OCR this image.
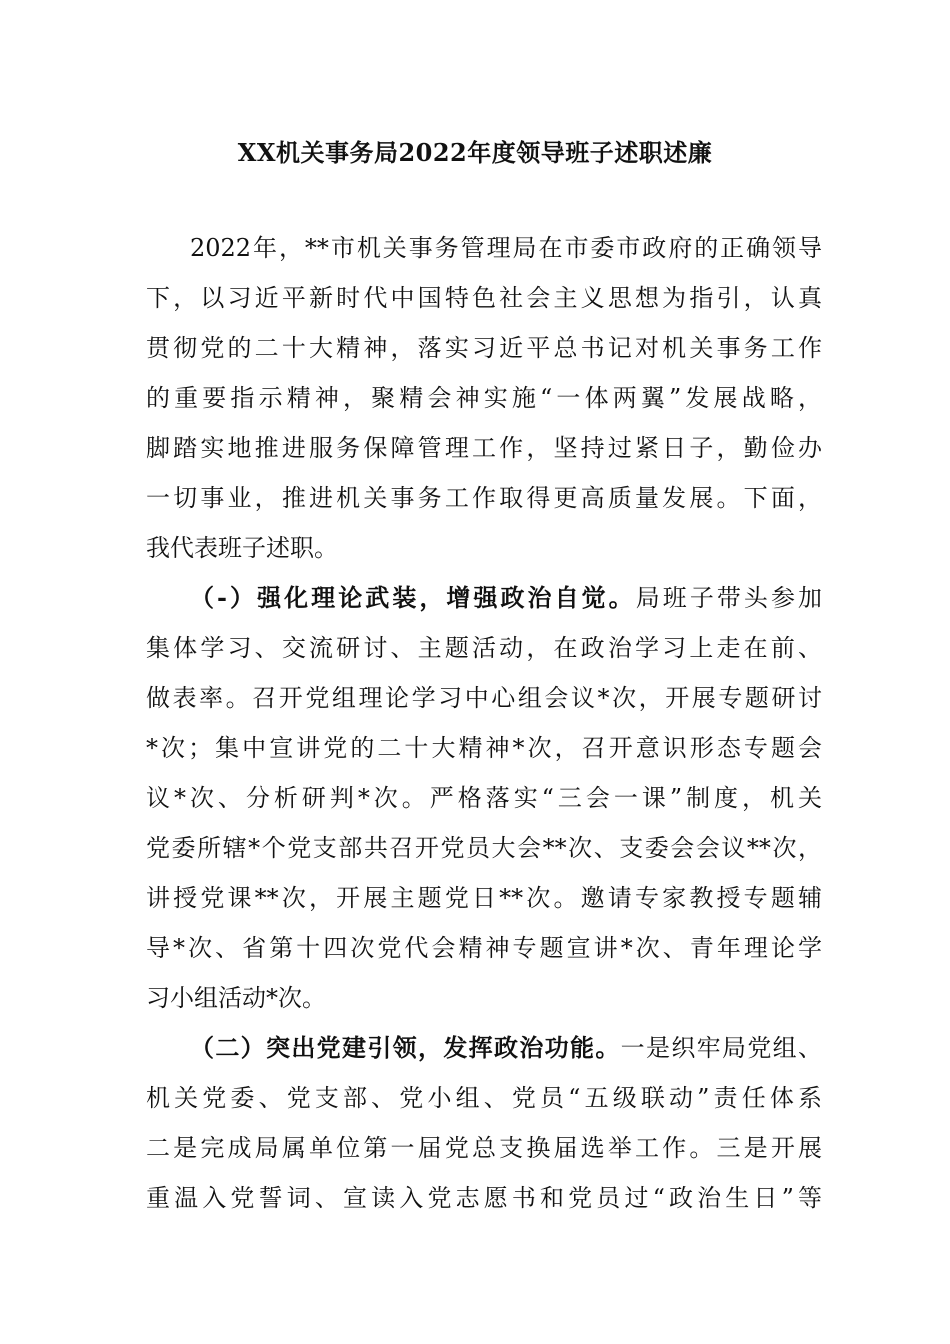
XX机关事务局2022年度领导班子述职述廉
2022年，**市机关事务管理局在市委市政府的正确领导
下，以习近平新时代中国特色社会主义思想为指引，认真
贯彻党的二十大精神，落实习近平总书记对机关事务工作
的重要指示精神，聚精会神实施“一体两翼”发展战略，
脚踏实地推进服务保障管理工作，坚持过紧日子，勤俭办
一切事业，推进机关事务工作取得更高质量发展。下面，
我代表班子述职。
（-）强化理论武装，增强政治自觉。局班子带头参加
集体学习、交流研讨、主题活动，在政治学习上走在前、
做表率。召开党组理论学习中心组会议*次，开展专题研讨
*次；集中宣讲党的二十大精神*次，召开意识形态专题会
议*次、分析研判*次。严格落实“三会一课”制度，机关
党委所辖*个党支部共召开党员大会**次、支委会会议**次，
讲授党课**次，开展主题党日**次。邀请专家教授专题辅
导*次、省第十四次党代会精神专题宣讲*次、青年理论学
习小组活动*次。
（二）突出党建引领，发挥政治功能。一是织牢局党组、
机关党委、党支部、党小组、党员“五级联动”责任体系
二是完成局属单位第一届党总支换届选举工作。三是开展
重温入党誓词、宣读入党志愿书和党员过“政治生日”等
